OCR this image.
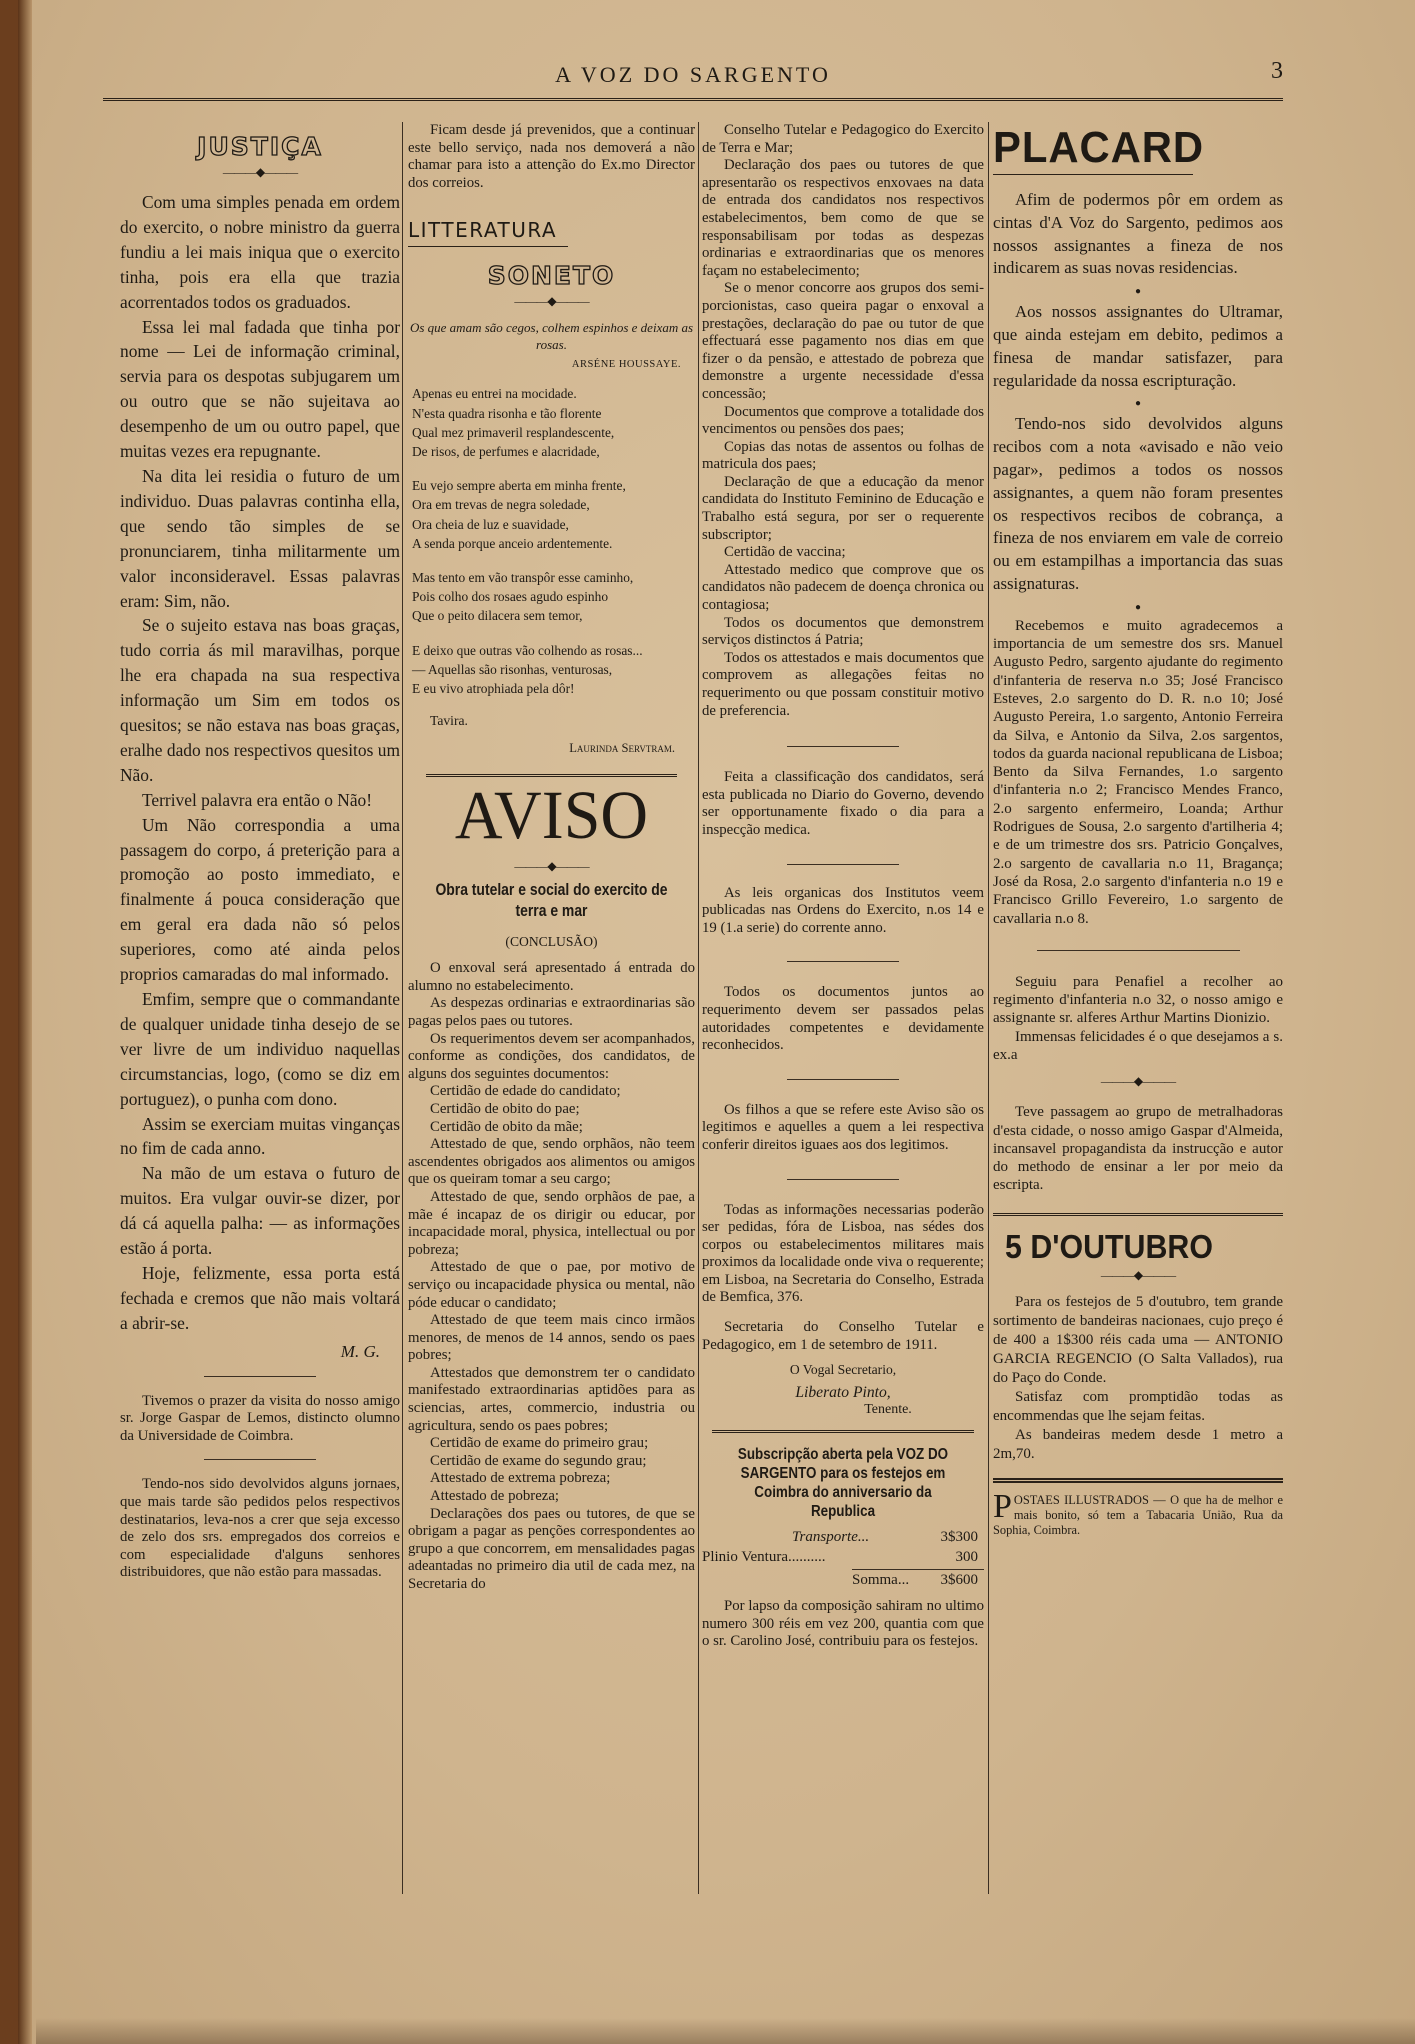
A VOZ DO SARGENTO	3
JUSTIÇA
———◆———

Com uma simples penada em ordem do exercito, o nobre ministro da guerra fundiu a lei mais iniqua que o exercito tinha, pois era ella que trazia acorrentados todos os graduados.

Essa lei mal fadada que tinha por nome — Lei de informação criminal, servia para os despotas subjugarem um ou outro que se não sujeitava ao desempenho de um ou outro papel, que muitas vezes era repugnante.

Na dita lei residia o futuro de um individuo. Duas palavras continha ella, que sendo tão simples de se pronunciarem, tinha militarmente um valor inconsideravel. Essas palavras eram: Sim, não.

Se o sujeito estava nas boas graças, tudo corria ás mil maravilhas, porque lhe era chapada na sua respectiva informação um Sim em todos os quesitos; se não estava nas boas graças, eralhe dado nos respectivos quesitos um Não.

Terrivel palavra era então o Não!

Um Não correspondia a uma passagem do corpo, á preterição para a promoção ao posto immediato, e finalmente á pouca consideração que em geral era dada não só pelos superiores, como até ainda pelos proprios camaradas do mal informado.

Emfim, sempre que o commandante de qualquer unidade tinha desejo de se ver livre de um individuo naquellas circumstancias, logo, (como se diz em portuguez), o punha com dono.

Assim se exerciam muitas vinganças no fim de cada anno.

Na mão de um estava o futuro de muitos. Era vulgar ouvir-se dizer, por dá cá aquella palha: — as informações estão á porta.

Hoje, felizmente, essa porta está fechada e cremos que não mais voltará a abrir-se.

M. G.

Tivemos o prazer da visita do nosso amigo sr. Jorge Gaspar de Lemos, distincto olumno da Universidade de Coimbra.

Tendo-nos sido devolvidos alguns jornaes, que mais tarde são pedidos pelos respectivos destinatarios, leva-nos a crer que seja excesso de zelo dos srs. empregados dos correios e com especialidade d'alguns senhores distribuidores, que não estão para massadas.

Ficam desde já prevenidos, que a continuar este bello serviço, nada nos demoverá a não chamar para isto a attenção do Ex.mo Director dos correios.

LITTERATURA
SONETO
———◆———
Os que amam são cegos, colhem espinhos e deixam as rosas.
ARSÉNE HOUSSAYE.

Apenas eu entrei na mocidade.

N'esta quadra risonha e tão florente

Qual mez primaveril resplandescente,

De risos, de perfumes e alacridade,

Eu vejo sempre aberta em minha frente,

Ora em trevas de negra soledade,

Ora cheia de luz e suavidade,

A senda porque anceio ardentemente.

Mas tento em vão transpôr esse caminho,

Pois colho dos rosaes agudo espinho

Que o peito dilacera sem temor,

E deixo que outras vão colhendo as rosas...

— Aquellas são risonhas, venturosas,

E eu vivo atrophiada pela dôr!

Tavira.
Laurinda Servtram.
AVISO
———◆———
Obra tutelar e social do exercito de terra e mar
(CONCLUSÃO)

O enxoval será apresentado á entrada do alumno no estabelecimento.

As despezas ordinarias e extraordinarias são pagas pelos paes ou tutores.

Os requerimentos devem ser acompanhados, conforme as condições, dos candidatos, de alguns dos seguintes documentos:

Certidão de edade do candidato;

Certidão de obito do pae;

Certidão de obito da mãe;

Attestado de que, sendo orphãos, não teem ascendentes obrigados aos alimentos ou amigos que os queiram tomar a seu cargo;

Attestado de que, sendo orphãos de pae, a mãe é incapaz de os dirigir ou educar, por incapacidade moral, physica, intellectual ou por pobreza;

Attestado de que o pae, por motivo de serviço ou incapacidade physica ou mental, não póde educar o candidato;

Attestado de que teem mais cinco irmãos menores, de menos de 14 annos, sendo os paes pobres;

Attestados que demonstrem ter o candidato manifestado extraordinarias aptidões para as sciencias, artes, commercio, industria ou agricultura, sendo os paes pobres;

Certidão de exame do primeiro grau;

Certidão de exame do segundo grau;

Attestado de extrema pobreza;

Attestado de pobreza;

Declarações dos paes ou tutores, de que se obrigam a pagar as penções correspondentes ao grupo a que concorrem, em mensalidades pagas adeantadas no primeiro dia util de cada mez, na Secretaria do

Conselho Tutelar e Pedagogico do Exercito de Terra e Mar;

Declaração dos paes ou tutores de que apresentarão os respectivos enxovaes na data de entrada dos candidatos nos respectivos estabelecimentos, bem como de que se responsabilisam por todas as despezas ordinarias e extraordinarias que os menores façam no estabelecimento;

Se o menor concorre aos grupos dos semi-porcionistas, caso queira pagar o enxoval a prestações, declaração do pae ou tutor de que effectuará esse pagamento nos dias em que fizer o da pensão, e attestado de pobreza que demonstre a urgente necessidade d'essa concessão;

Documentos que comprove a totalidade dos vencimentos ou pensões dos paes;

Copias das notas de assentos ou folhas de matricula dos paes;

Declaração de que a educação da menor candidata do Instituto Feminino de Educação e Trabalho está segura, por ser o requerente subscriptor;

Certidão de vaccina;

Attestado medico que comprove que os candidatos não padecem de doença chronica ou contagiosa;

Todos os documentos que demonstrem serviços distinctos á Patria;

Todos os attestados e mais documentos que comprovem as allegações feitas no requerimento ou que possam constituir motivo de preferencia.

Feita a classificação dos candidatos, será esta publicada no Diario do Governo, devendo ser opportunamente fixado o dia para a inspecção medica.

As leis organicas dos Institutos veem publicadas nas Ordens do Exercito, n.os 14 e 19 (1.a serie) do corrente anno.

Todos os documentos juntos ao requerimento devem ser passados pelas autoridades competentes e devidamente reconhecidos.

Os filhos a que se refere este Aviso são os legitimos e aquelles a quem a lei respectiva conferir direitos iguaes aos dos legitimos.

Todas as informações necessarias poderão ser pedidas, fóra de Lisboa, nas sédes dos corpos ou estabelecimentos militares mais proximos da localidade onde viva o requerente; em Lisboa, na Secretaria do Conselho, Estrada de Bemfica, 376.

Secretaria do Conselho Tutelar e Pedagogico, em 1 de setembro de 1911.

O Vogal Secretario,
Liberato Pinto,
Tenente.
Subscripção aberta pela VOZ DO SARGENTO para os festejos em Coimbra do anniversario da Republica
Transporte...	3$300
Plinio Ventura..........	300
Somma... 3$600

Por lapso da composição sahiram no ultimo numero 300 réis em vez 200, quantia com que o sr. Carolino José, contribuiu para os festejos.

PLACARD

Afim de podermos pôr em ordem as cintas d'A Voz do Sargento, pedimos aos nossos assignantes a fineza de nos indicarem as suas novas residencias.

●

Aos nossos assignantes do Ultramar, que ainda estejam em debito, pedimos a finesa de mandar satisfazer, para regularidade da nossa escripturação.

●

Tendo-nos sido devolvidos alguns recibos com a nota «avisado e não veio pagar», pedimos a todos os nossos assignantes, a quem não foram presentes os respectivos recibos de cobrança, a fineza de nos enviarem em vale de correio ou em estampilhas a importancia das suas assignaturas.

●

Recebemos e muito agradecemos a importancia de um semestre dos srs. Manuel Augusto Pedro, sargento ajudante do regimento d'infanteria de reserva n.o 35; José Francisco Esteves, 2.o sargento do D. R. n.o 10; José Augusto Pereira, 1.o sargento, Antonio Ferreira da Silva, e Antonio da Silva, 2.os sargentos, todos da guarda nacional republicana de Lisboa; Bento da Silva Fernandes, 1.o sargento d'infanteria n.o 2; Francisco Mendes Franco, 2.o sargento enfermeiro, Loanda; Arthur Rodrigues de Sousa, 2.o sargento d'artilheria 4; e de um trimestre dos srs. Patricio Gonçalves, 2.o sargento de cavallaria n.o 11, Bragança; José da Rosa, 2.o sargento d'infanteria n.o 19 e Francisco Grillo Fevereiro, 1.o sargento de cavallaria n.o 8.

Seguiu para Penafiel a recolher ao regimento d'infanteria n.o 32, o nosso amigo e assignante sr. alferes Arthur Martins Dionizio.

Immensas felicidades é o que desejamos a s. ex.a

———◆———

Teve passagem ao grupo de metralhadoras d'esta cidade, o nosso amigo Gaspar d'Almeida, incansavel propagandista da instrucção e autor do methodo de ensinar a ler por meio da escripta.

5 D'OUTUBRO
———◆———

Para os festejos de 5 d'outubro, tem grande sortimento de bandeiras nacionaes, cujo preço é de 400 a 1$300 réis cada uma — ANTONIO GARCIA REGENCIO (O Salta Vallados), rua do Paço do Conde.

Satisfaz com promptidão todas as encommendas que lhe sejam feitas.

As bandeiras medem desde 1 metro a 2m,70.

P OSTAES ILLUSTRADOS — O que ha de melhor e mais bonito, só tem a Tabacaria União, Rua da Sophia, Coimbra.
